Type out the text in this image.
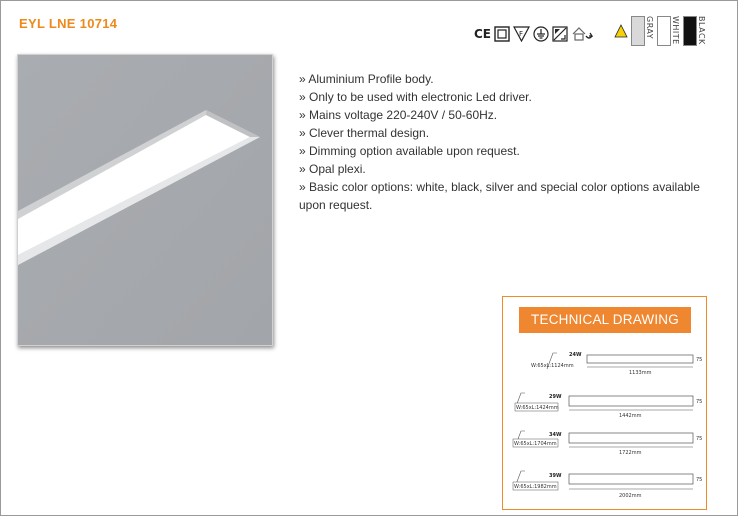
EYL LNE 10714
CE	F	GRAY WHITE BLACK
» Aluminium Profile body.
» Only to be used with electronic Led driver.
» Mains voltage 220-240V / 50-60Hz.
» Clever thermal design.
» Dimming option available upon request.
» Opal plexi.
» Basic color options: white, black, silver and special color options available upon request.
TECHNICAL DRAWING
24W
W:65xL:1124mm
1133mm
75
29W
W:65xL:1424mm
1442mm
75
34W
W:65xL:1704mm
1722mm
75
39W
W:65xL:1982mm
2002mm
75
